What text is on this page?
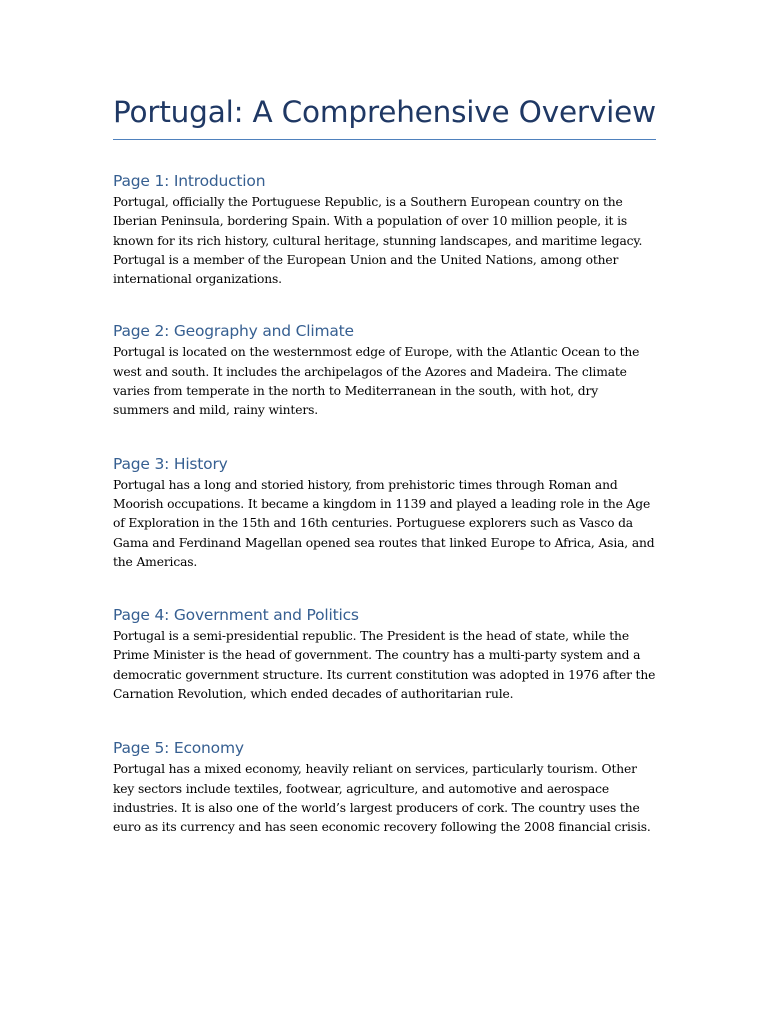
Portugal: A Comprehensive Overview
Page 1: Introduction

Portugal, officially the Portuguese Republic, is a Southern European country on the Iberian Peninsula, bordering Spain. With a population of over 10 million people, it is known for its rich history, cultural heritage, stunning landscapes, and maritime legacy. Portugal is a member of the European Union and the United Nations, among other international organizations.

Page 2: Geography and Climate

Portugal is located on the westernmost edge of Europe, with the Atlantic Ocean to the west and south. It includes the archipelagos of the Azores and Madeira. The climate varies from temperate in the north to Mediterranean in the south, with hot, dry summers and mild, rainy winters.

Page 3: History

Portugal has a long and storied history, from prehistoric times through Roman and Moorish occupations. It became a kingdom in 1139 and played a leading role in the Age of Exploration in the 15th and 16th centuries. Portuguese explorers such as Vasco da Gama and Ferdinand Magellan opened sea routes that linked Europe to Africa, Asia, and the Americas.

Page 4: Government and Politics

Portugal is a semi-presidential republic. The President is the head of state, while the Prime Minister is the head of government. The country has a multi-party system and a democratic government structure. Its current constitution was adopted in 1976 after the Carnation Revolution, which ended decades of authoritarian rule.

Page 5: Economy

Portugal has a mixed economy, heavily reliant on services, particularly tourism. Other key sectors include textiles, footwear, agriculture, and automotive and aerospace industries. It is also one of the world’s largest producers of cork. The country uses the euro as its currency and has seen economic recovery following the 2008 financial crisis.
